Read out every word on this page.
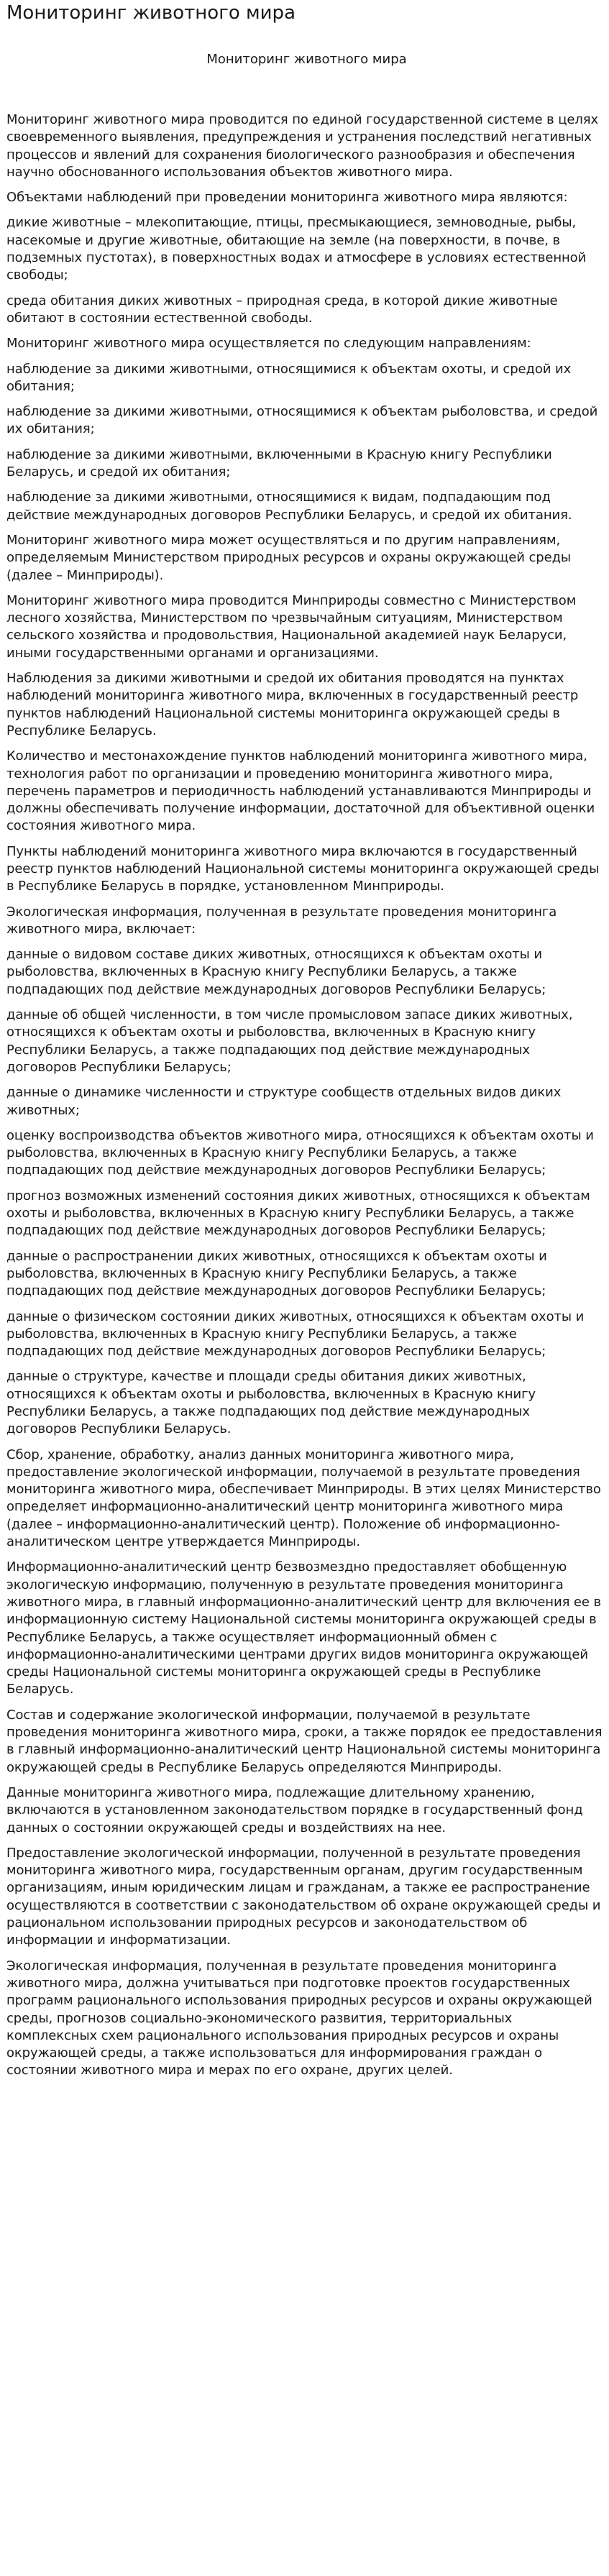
Мониторинг животного мира
Мониторинг животного мира

Мониторинг животного мира проводится по единой государственной системе в целях своевременного выявления, предупреждения и устранения последствий негативных процессов и явлений для сохранения биологического разнообразия и обеспечения научно обоснованного использования объектов животного мира.

Объектами наблюдений при проведении мониторинга животного мира являются:

дикие животные – млекопитающие, птицы, пресмыкающиеся, земноводные, рыбы, насекомые и другие животные, обитающие на земле (на поверхности, в почве, в подземных пустотах), в поверхностных водах и атмосфере в условиях естественной свободы;

среда обитания диких животных – природная среда, в которой дикие животные обитают в состоянии естественной свободы.

Мониторинг животного мира осуществляется по следующим направлениям:

наблюдение за дикими животными, относящимися к объектам охоты, и средой их обитания;

наблюдение за дикими животными, относящимися к объектам рыболовства, и средой их обитания;

наблюдение за дикими животными, включенными в Красную книгу Республики Беларусь, и средой их обитания;

наблюдение за дикими животными, относящимися к видам, подпадающим под действие международных договоров Республики Беларусь, и средой их обитания.

Мониторинг животного мира может осуществляться и по другим направлениям, определяемым Министерством природных ресурсов и охраны окружающей среды (далее – Минприроды).

Мониторинг животного мира проводится Минприроды совместно с Министерством лесного хозяйства, Министерством по чрезвычайным ситуациям, Министерством сельского хозяйства и продовольствия, Национальной академией наук Беларуси, иными государственными органами и организациями.

Наблюдения за дикими животными и средой их обитания проводятся на пунктах наблюдений мониторинга животного мира, включенных в государственный реестр пунктов наблюдений Национальной системы мониторинга окружающей среды в Республике Беларусь.

Количество и местонахождение пунктов наблюдений мониторинга животного мира, технология работ по организации и проведению мониторинга животного мира, перечень параметров и периодичность наблюдений устанавливаются Минприроды и должны обеспечивать получение информации, достаточной для объективной оценки состояния животного мира.

Пункты наблюдений мониторинга животного мира включаются в государственный реестр пунктов наблюдений Национальной системы мониторинга окружающей среды в Республике Беларусь в порядке, установленном Минприроды.

Экологическая информация, полученная в результате проведения мониторинга животного мира, включает:

данные о видовом составе диких животных, относящихся к объектам охоты и рыболовства, включенных в Красную книгу Республики Беларусь, а также подпадающих под действие международных договоров Республики Беларусь;

данные об общей численности, в том числе промысловом запасе диких животных, относящихся к объектам охоты и рыболовства, включенных в Красную книгу Республики Беларусь, а также подпадающих под действие международных договоров Республики Беларусь;

данные о динамике численности и структуре сообществ отдельных видов диких животных;

оценку воспроизводства объектов животного мира, относящихся к объектам охоты и рыболовства, включенных в Красную книгу Республики Беларусь, а также подпадающих под действие международных договоров Республики Беларусь;

прогноз возможных изменений состояния диких животных, относящихся к объектам охоты и рыболовства, включенных в Красную книгу Республики Беларусь, а также подпадающих под действие международных договоров Республики Беларусь;

данные о распространении диких животных, относящихся к объектам охоты и рыболовства, включенных в Красную книгу Республики Беларусь, а также подпадающих под действие международных договоров Республики Беларусь;

данные о физическом состоянии диких животных, относящихся к объектам охоты и рыболовства, включенных в Красную книгу Республики Беларусь, а также подпадающих под действие международных договоров Республики Беларусь;

данные о структуре, качестве и площади среды обитания диких животных, относящихся к объектам охоты и рыболовства, включенных в Красную книгу Республики Беларусь, а также подпадающих под действие международных договоров Республики Беларусь.

Сбор, хранение, обработку, анализ данных мониторинга животного мира, предоставление экологической информации, получаемой в результате проведения мониторинга животного мира, обеспечивает Минприроды. В этих целях Министерство определяет информационно-аналитический центр мониторинга животного мира (далее – информационно-аналитический центр). Положение об информационно-аналитическом центре утверждается Минприроды.

Информационно-аналитический центр безвозмездно предоставляет обобщенную экологическую информацию, полученную в результате проведения мониторинга животного мира, в главный информационно-аналитический центр для включения ее в информационную систему Национальной системы мониторинга окружающей среды в Республике Беларусь, а также осуществляет информационный обмен с информационно-аналитическими центрами других видов мониторинга окружающей среды Национальной системы мониторинга окружающей среды в Республике Беларусь.

Состав и содержание экологической информации, получаемой в результате проведения мониторинга животного мира, сроки, а также порядок ее предоставления в главный информационно-аналитический центр Национальной системы мониторинга окружающей среды в Республике Беларусь определяются Минприроды.

Данные мониторинга животного мира, подлежащие длительному хранению, включаются в установленном законодательством порядке в государственный фонд данных о состоянии окружающей среды и воздействиях на нее.

Предоставление экологической информации, полученной в результате проведения мониторинга животного мира, государственным органам, другим государственным организациям, иным юридическим лицам и гражданам, а также ее распространение осуществляются в соответствии с законодательством об охране окружающей среды и рациональном использовании природных ресурсов и законодательством об информации и информатизации.

Экологическая информация, полученная в результате проведения мониторинга животного мира, должна учитываться при подготовке проектов государственных программ рационального использования природных ресурсов и охраны окружающей среды, прогнозов социально-экономического развития, территориальных комплексных схем рационального использования природных ресурсов и охраны окружающей среды, а также использоваться для информирования граждан о состоянии животного мира и мерах по его охране, других целей.
